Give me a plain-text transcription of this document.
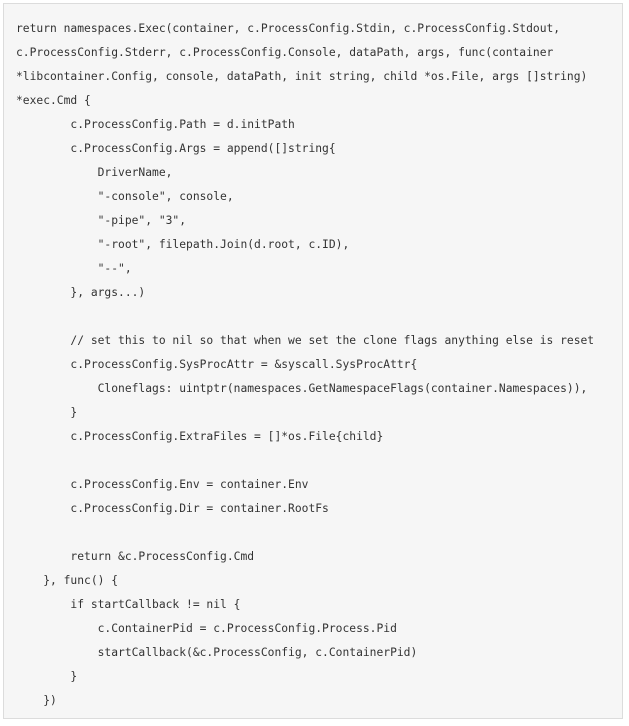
return namespaces.Exec(container, c.ProcessConfig.Stdin, c.ProcessConfig.Stdout,
c.ProcessConfig.Stderr, c.ProcessConfig.Console, dataPath, args, func(container
*libcontainer.Config, console, dataPath, init string, child *os.File, args []string)
*exec.Cmd {
c.ProcessConfig.Path = d.initPath
c.ProcessConfig.Args = append([]string{
DriverName,
"-console", console,
"-pipe", "3",
"-root", filepath.Join(d.root, c.ID),
"--",
}, args...)
// set this to nil so that when we set the clone flags anything else is reset
c.ProcessConfig.SysProcAttr = &syscall.SysProcAttr{
Cloneflags: uintptr(namespaces.GetNamespaceFlags(container.Namespaces)),
}
c.ProcessConfig.ExtraFiles = []*os.File{child}
c.ProcessConfig.Env = container.Env
c.ProcessConfig.Dir = container.RootFs
return &c.ProcessConfig.Cmd
}, func() {
if startCallback != nil {
c.ContainerPid = c.ProcessConfig.Process.Pid
startCallback(&c.ProcessConfig, c.ContainerPid)
}
})
